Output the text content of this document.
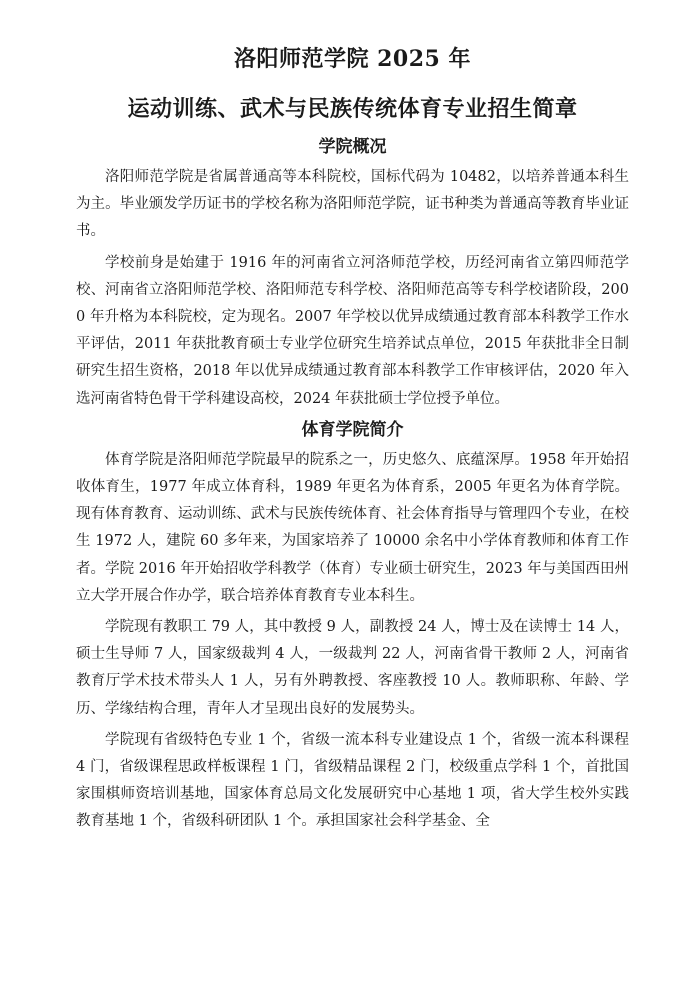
洛阳师范学院 2025 年
运动训练、武术与民族传统体育专业招生简章
学院概况

洛阳师范学院是省属普通高等本科院校，国标代码为 10482，以培养普通本科生为主。毕业颁发学历证书的学校名称为洛阳师范学院，证书种类为普通高等教育毕业证书。

学校前身是始建于 1916 年的河南省立河洛师范学校，历经河南省立第四师范学校、河南省立洛阳师范学校、洛阳师范专科学校、洛阳师范高等专科学校诸阶段，2000 年升格为本科院校，定为现名。2007 年学校以优异成绩通过教育部本科教学工作水平评估，2011 年获批教育硕士专业学位研究生培养试点单位，2015 年获批非全日制研究生招生资格，2018 年以优异成绩通过教育部本科教学工作审核评估，2020 年入选河南省特色骨干学科建设高校，2024 年获批硕士学位授予单位。

体育学院简介

体育学院是洛阳师范学院最早的院系之一，历史悠久、底蕴深厚。1958 年开始招收体育生，1977 年成立体育科，1989 年更名为体育系，2005 年更名为体育学院。现有体育教育、运动训练、武术与民族传统体育、社会体育指导与管理四个专业，在校生 1972 人，建院 60 多年来，为国家培养了 10000 余名中小学体育教师和体育工作者。学院 2016 年开始招收学科教学（体育）专业硕士研究生，2023 年与美国西田州立大学开展合作办学，联合培养体育教育专业本科生。

学院现有教职工 79 人，其中教授 9 人，副教授 24 人，博士及在读博士 14 人，硕士生导师 7 人，国家级裁判 4 人，一级裁判 22 人，河南省骨干教师 2 人，河南省教育厅学术技术带头人 1 人，另有外聘教授、客座教授 10 人。教师职称、年龄、学历、学缘结构合理，青年人才呈现出良好的发展势头。

学院现有省级特色专业 1 个，省级一流本科专业建设点 1 个，省级一流本科课程 4 门，省级课程思政样板课程 1 门，省级精品课程 2 门，校级重点学科 1 个，首批国家围棋师资培训基地，国家体育总局文化发展研究中心基地 1 项，省大学生校外实践教育基地 1 个，省级科研团队 1 个。承担国家社会科学基金、全
